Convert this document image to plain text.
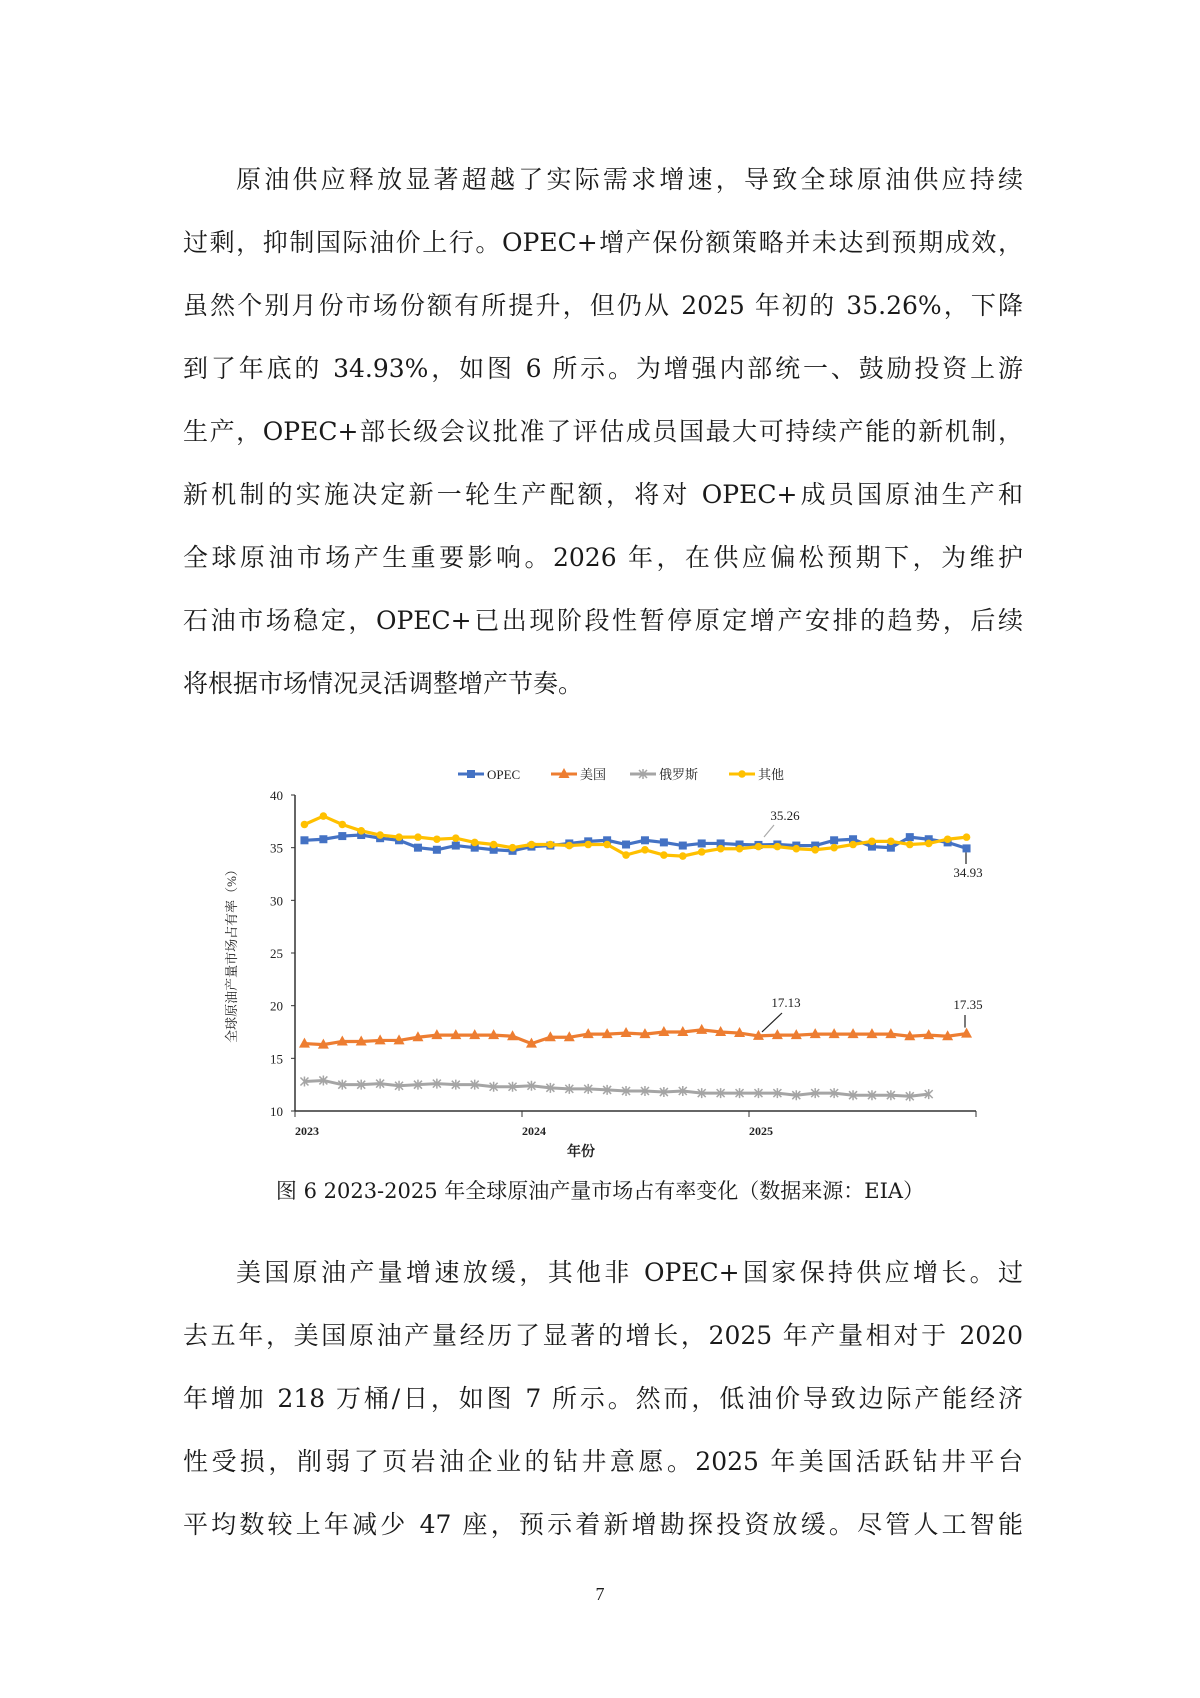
原油供应释放显著超越了实际需求增速，导致全球原油供应持续
过剩，抑制国际油价上行。OPEC+增产保份额策略并未达到预期成效，
虽然个别月份市场份额有所提升，但仍从 2025 年初的 35.26%，下降
到了年底的 34.93%，如图 6 所示。为增强内部统一、鼓励投资上游
生产，OPEC+部长级会议批准了评估成员国最大可持续产能的新机制，
新机制的实施决定新一轮生产配额，将对 OPEC+成员国原油生产和
全球原油市场产生重要影响。2026 年，在供应偏松预期下，为维护
石油市场稳定，OPEC+已出现阶段性暂停原定增产安排的趋势，后续
将根据市场情况灵活调整增产节奏。
美国原油产量增速放缓，其他非 OPEC+国家保持供应增长。过
去五年，美国原油产量经历了显著的增长，2025 年产量相对于 2020
年增加 218 万桶/日，如图 7 所示。然而，低油价导致边际产能经济
性受损，削弱了页岩油企业的钻井意愿。2025 年美国活跃钻井平台
平均数较上年减少 47 座，预示着新增勘探投资放缓。尽管人工智能
10
15
20
25
30
35
40
2023	2024	2025
年份
全球原油产量市场占有率（%）
OPEC	美国	俄罗斯	其他
35.26
34.93
17.13	17.35
图 6 2023-2025 年全球原油产量市场占有率变化（数据来源：EIA）
7
